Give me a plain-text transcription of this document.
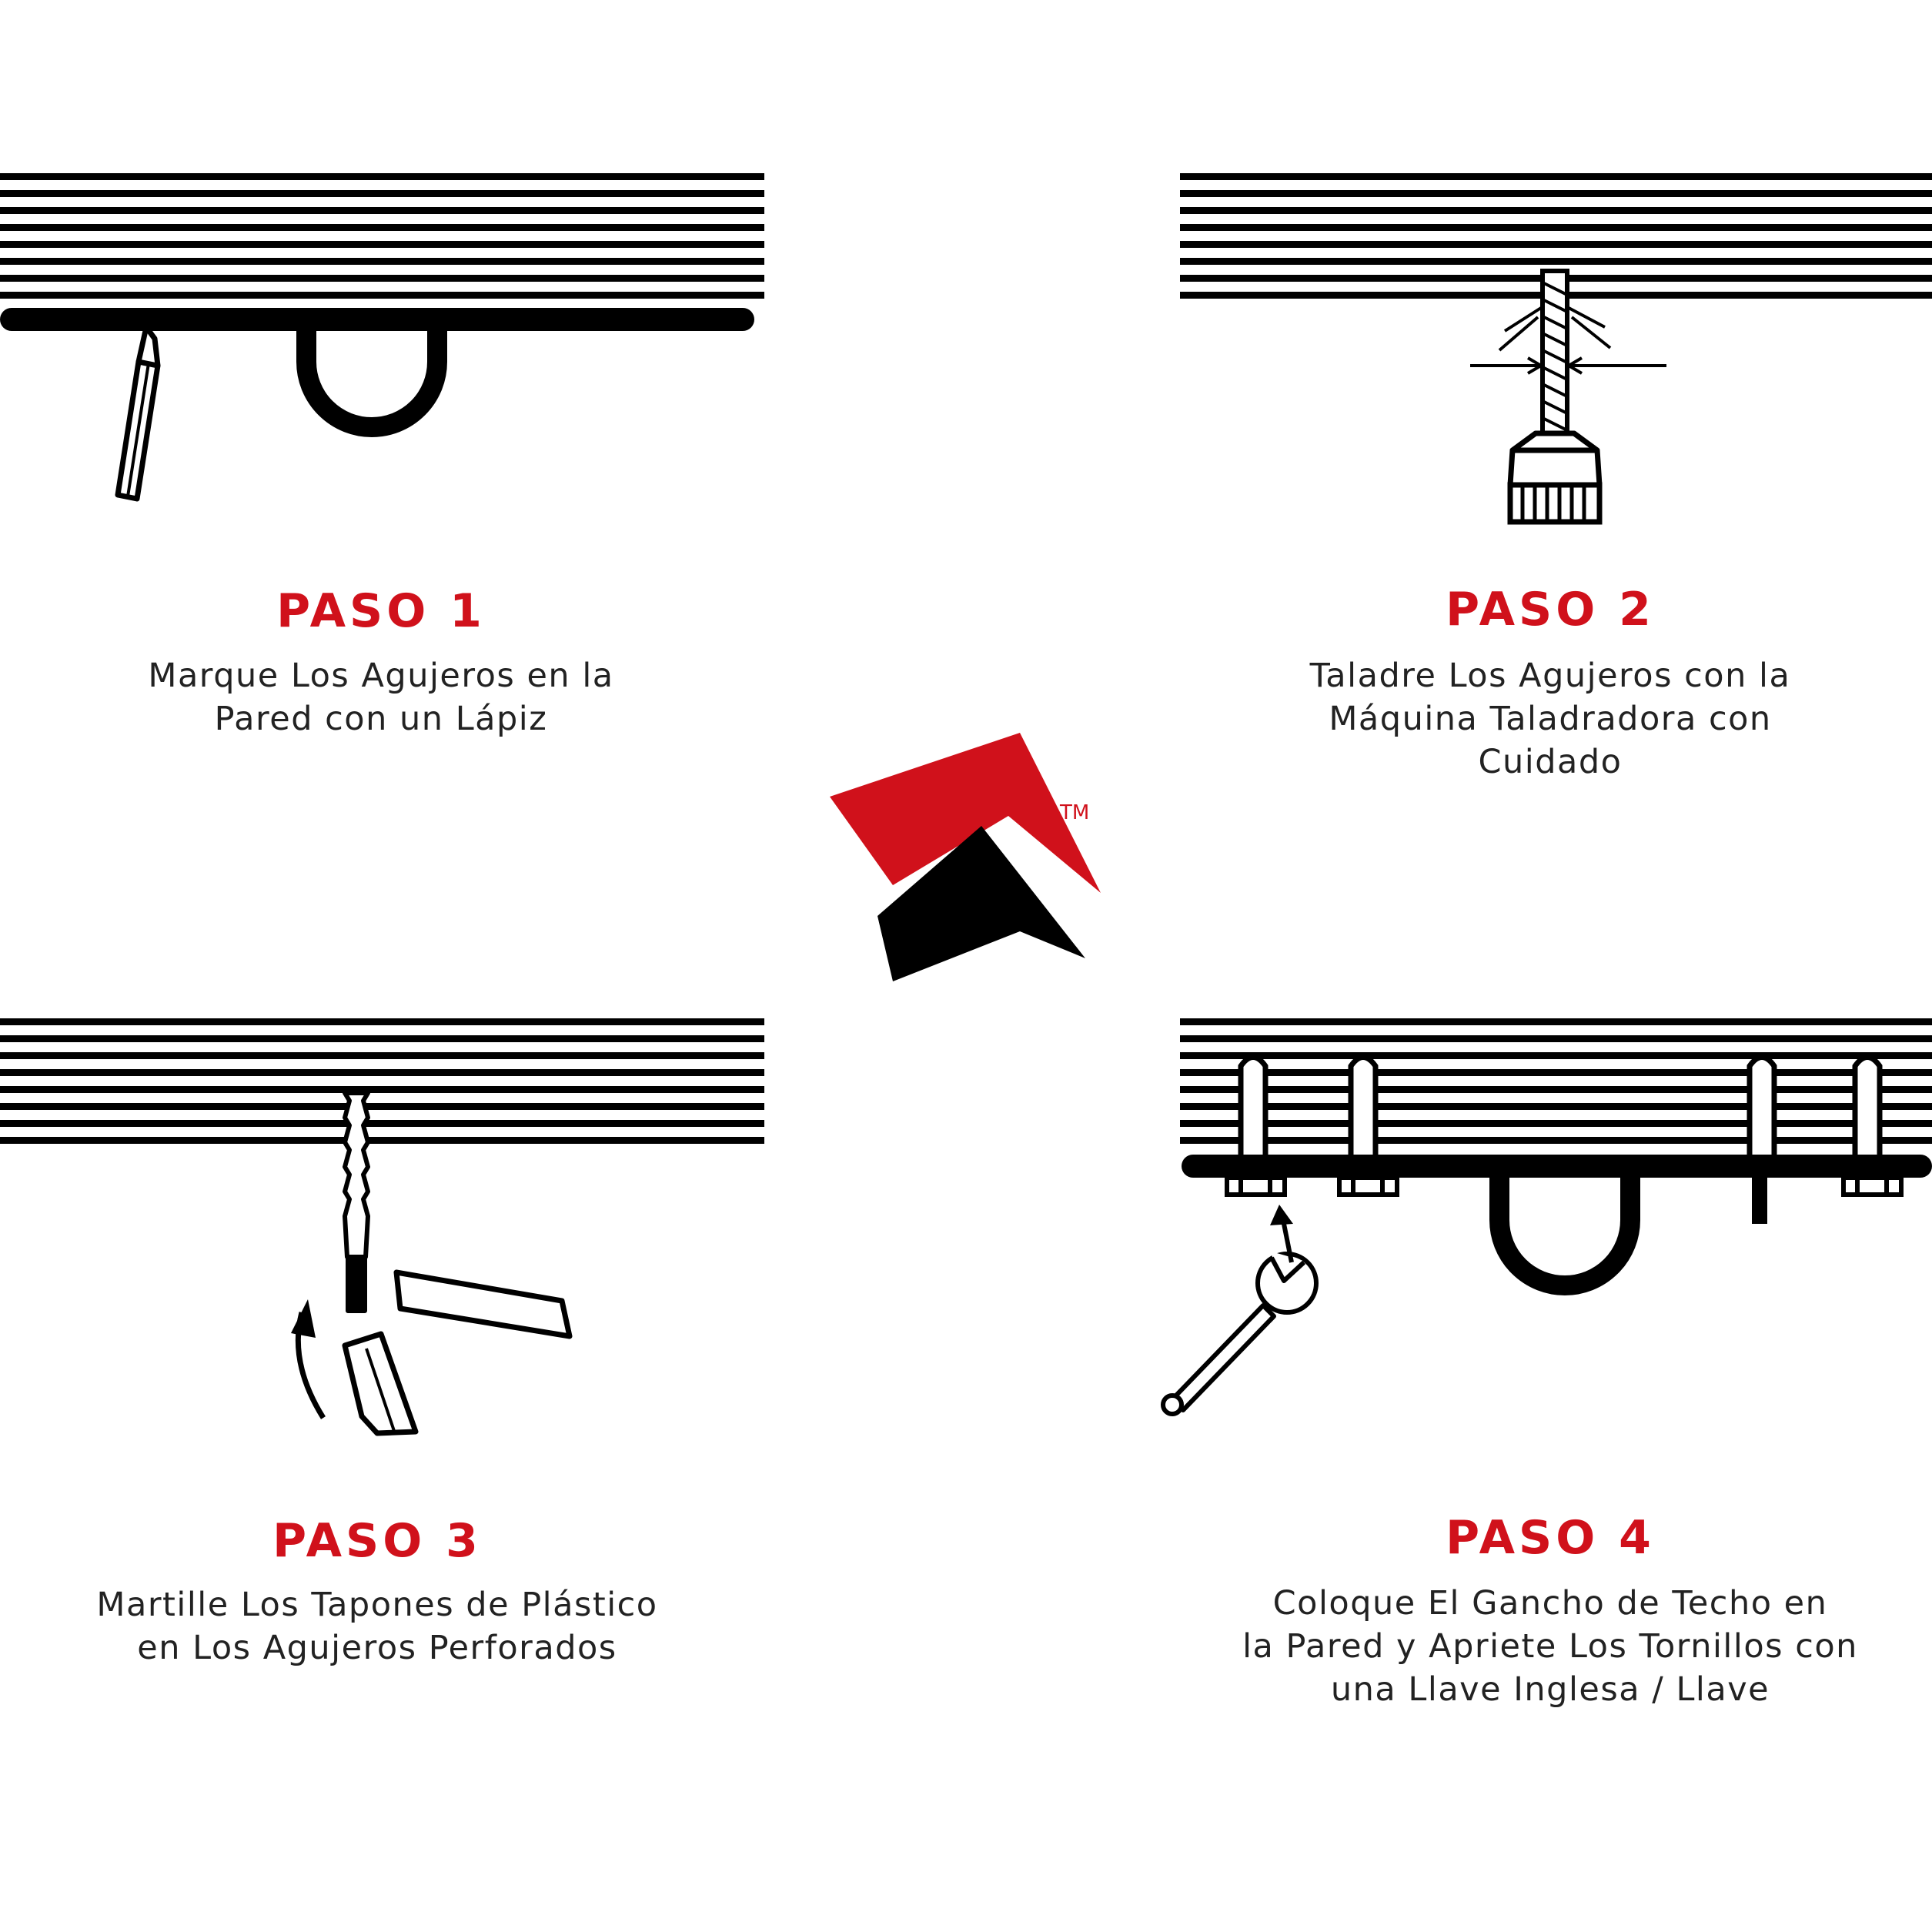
TM
PASO 1

Marque Los Agujeros en la
Pared con un Lápiz

PASO 2

Taladre Los Agujeros con la
Máquina Taladradora con
Cuidado

PASO 3

Martille Los Tapones de Plástico
en Los Agujeros Perforados

PASO 4

Coloque El Gancho de Techo en
la Pared y Apriete Los Tornillos con
una Llave Inglesa / Llave
